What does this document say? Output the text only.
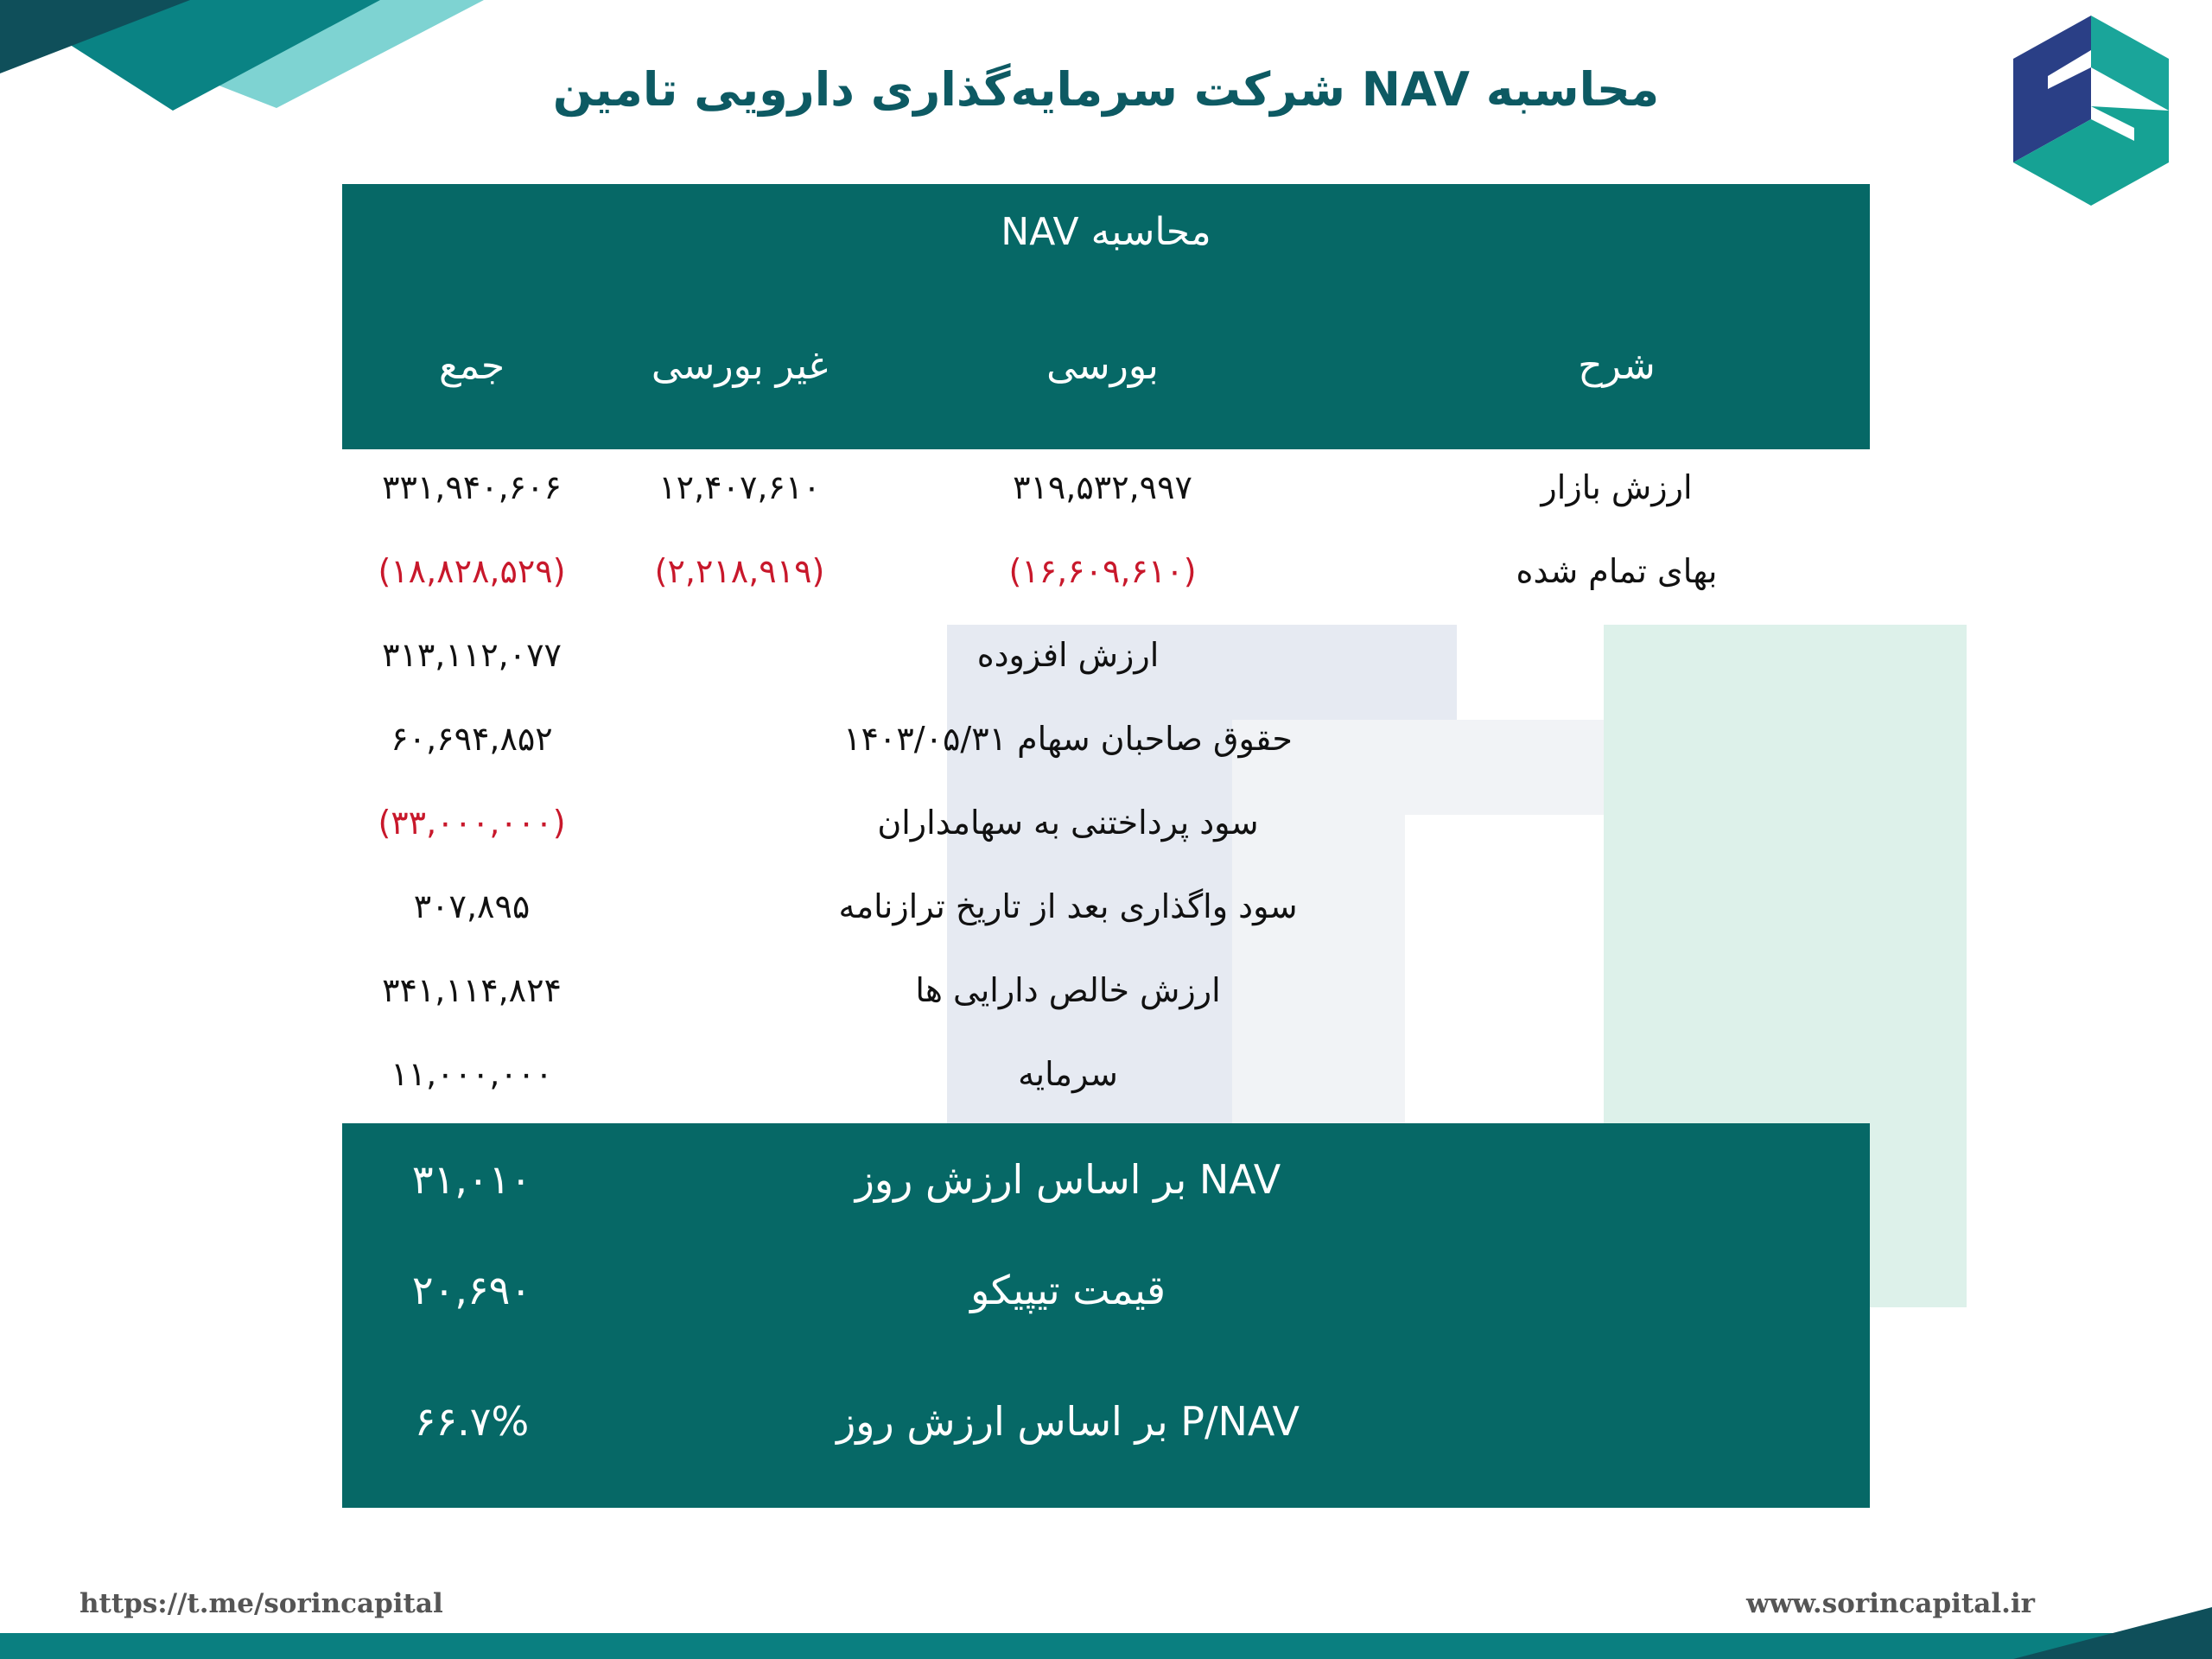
محاسبه NAV شرکت سرمایه‌گذاری دارویی تامین
محاسبه NAV
شرح
بورسی
غیر بورسی
جمع
ارزش بازار
۳۱۹,۵۳۲,۹۹۷
۱۲,۴۰۷,۶۱۰
۳۳۱,۹۴۰,۶۰۶
بهای تمام شده
(۱۶,۶۰۹,۶۱۰)
(۲,۲۱۸,۹۱۹)
(۱۸,۸۲۸,۵۲۹)
ارزش افزوده
۳۱۳,۱۱۲,۰۷۷
حقوق صاحبان سهام ۱۴۰۳/۰۵/۳۱
۶۰,۶۹۴,۸۵۲
سود پرداختنی به سهامداران
(۳۳,۰۰۰,۰۰۰)
سود واگذاری بعد از تاریخ ترازنامه
۳۰۷,۸۹۵
ارزش خالص دارایی ها
۳۴۱,۱۱۴,۸۲۴
سرمایه
۱۱,۰۰۰,۰۰۰
NAV بر اساس ارزش روز
۳۱,۰۱۰
قیمت تیپیکو
۲۰,۶۹۰
P/NAV بر اساس ارزش روز
۶۶.۷%
https://t.me/sorincapital	www.sorincapital.ir
